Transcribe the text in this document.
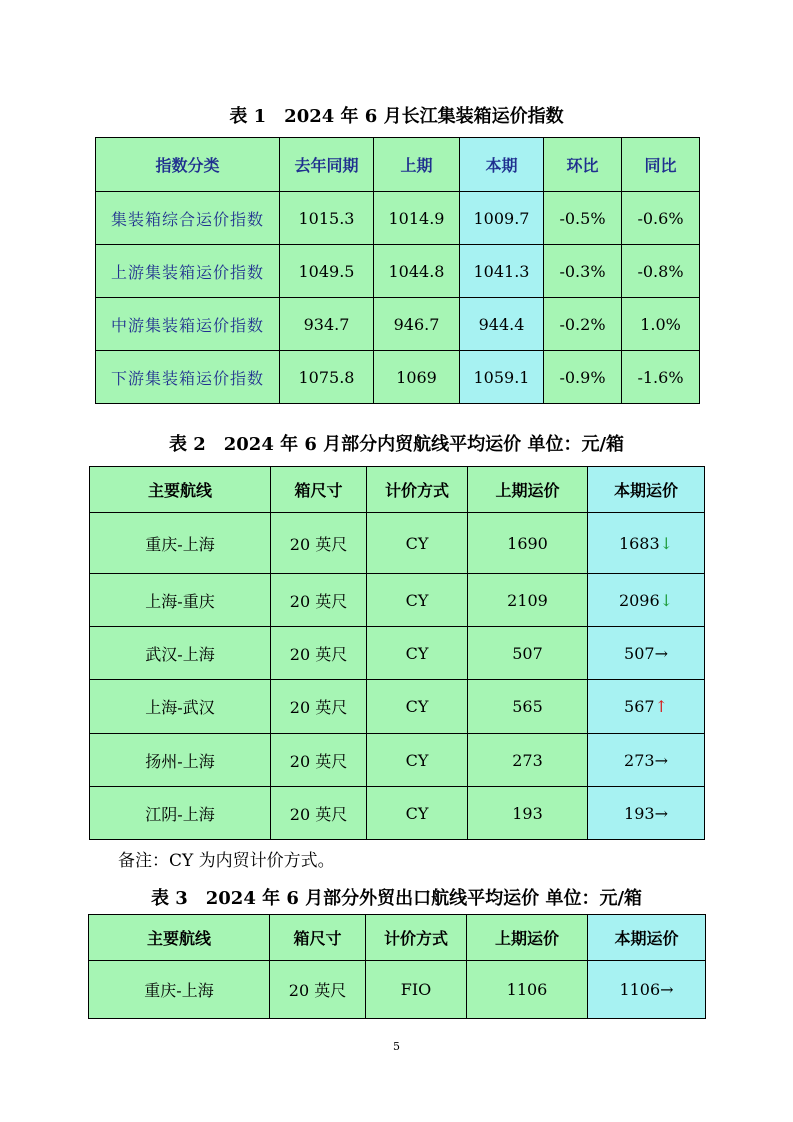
表 1　2024 年 6 月长江集装箱运价指数
指数分类	去年同期	上期	本期	环比	同比
集装箱综合运价指数	1015.3	1014.9	1009.7	-0.5%	-0.6%
上游集装箱运价指数	1049.5	1044.8	1041.3	-0.3%	-0.8%
中游集装箱运价指数	934.7	946.7	944.4	-0.2%	1.0%
下游集装箱运价指数	1075.8	1069	1059.1	-0.9%	-1.6%
表 2　2024 年 6 月部分内贸航线平均运价 单位：元/箱
主要航线	箱尺寸	计价方式	上期运价	本期运价
重庆-上海	20 英尺	CY	1690	1683↓
上海-重庆	20 英尺	CY	2109	2096↓
武汉-上海	20 英尺	CY	507	507→
上海-武汉	20 英尺	CY	565	567↑
扬州-上海	20 英尺	CY	273	273→
江阴-上海	20 英尺	CY	193	193→
备注：CY 为内贸计价方式。
表 3　2024 年 6 月部分外贸出口航线平均运价 单位：元/箱
主要航线	箱尺寸	计价方式	上期运价	本期运价
重庆-上海	20 英尺	FIO	1106	1106→
5
